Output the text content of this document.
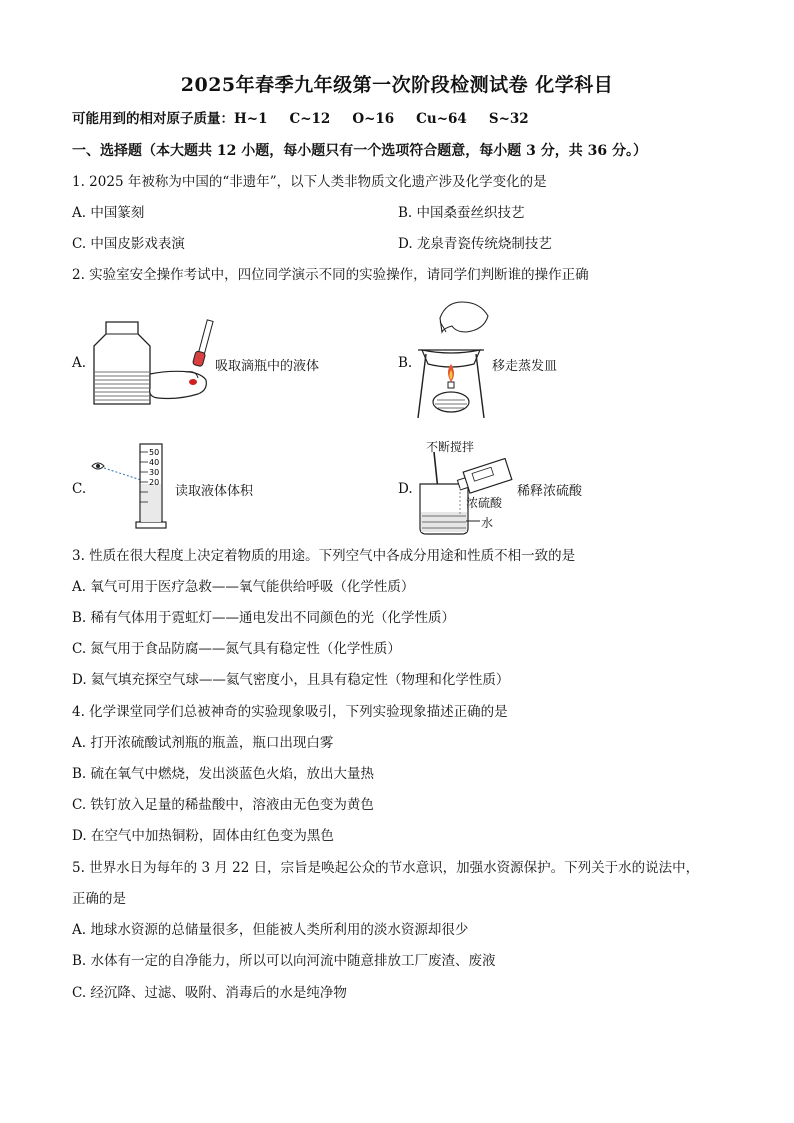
2025年春季九年级第一次阶段检测试卷 化学科目
可能用到的相对原子质量：H~1 C~12 O~16 Cu~64 S~32
一、选择题（本大题共 12 小题，每小题只有一个选项符合题意，每小题 3 分，共 36 分。）
1. 2025 年被称为中国的“非遗年”，以下人类非物质文化遗产涉及化学变化的是
A. 中国篆刻	B. 中国桑蚕丝织技艺
C. 中国皮影戏表演	D. 龙泉青瓷传统烧制技艺
2. 实验室安全操作考试中，四位同学演示不同的实验操作，请同学们判断谁的操作正确
A.	吸取滴瓶中的液体	B.	移走蒸发皿
C.
50
40
30
20
读取液体体积	D.
不断搅拌
稀释浓硫酸
浓硫酸
水
3. 性质在很大程度上决定着物质的用途。下列空气中各成分用途和性质不相一致的是
A. 氧气可用于医疗急救——氧气能供给呼吸（化学性质）
B. 稀有气体用于霓虹灯——通电发出不同颜色的光（化学性质）
C. 氮气用于食品防腐——氮气具有稳定性（化学性质）
D. 氦气填充探空气球——氦气密度小，且具有稳定性（物理和化学性质）
4. 化学课堂同学们总被神奇的实验现象吸引，下列实验现象描述正确的是
A. 打开浓硫酸试剂瓶的瓶盖，瓶口出现白雾
B. 硫在氧气中燃烧，发出淡蓝色火焰，放出大量热
C. 铁钉放入足量的稀盐酸中，溶液由无色变为黄色
D. 在空气中加热铜粉，固体由红色变为黑色
5. 世界水日为每年的 3 月 22 日，宗旨是唤起公众的节水意识，加强水资源保护。下列关于水的说法中，
正确的是
A. 地球水资源的总储量很多，但能被人类所利用的淡水资源却很少
B. 水体有一定的自净能力，所以可以向河流中随意排放工厂废渣、废液
C. 经沉降、过滤、吸附、消毒后的水是纯净物
